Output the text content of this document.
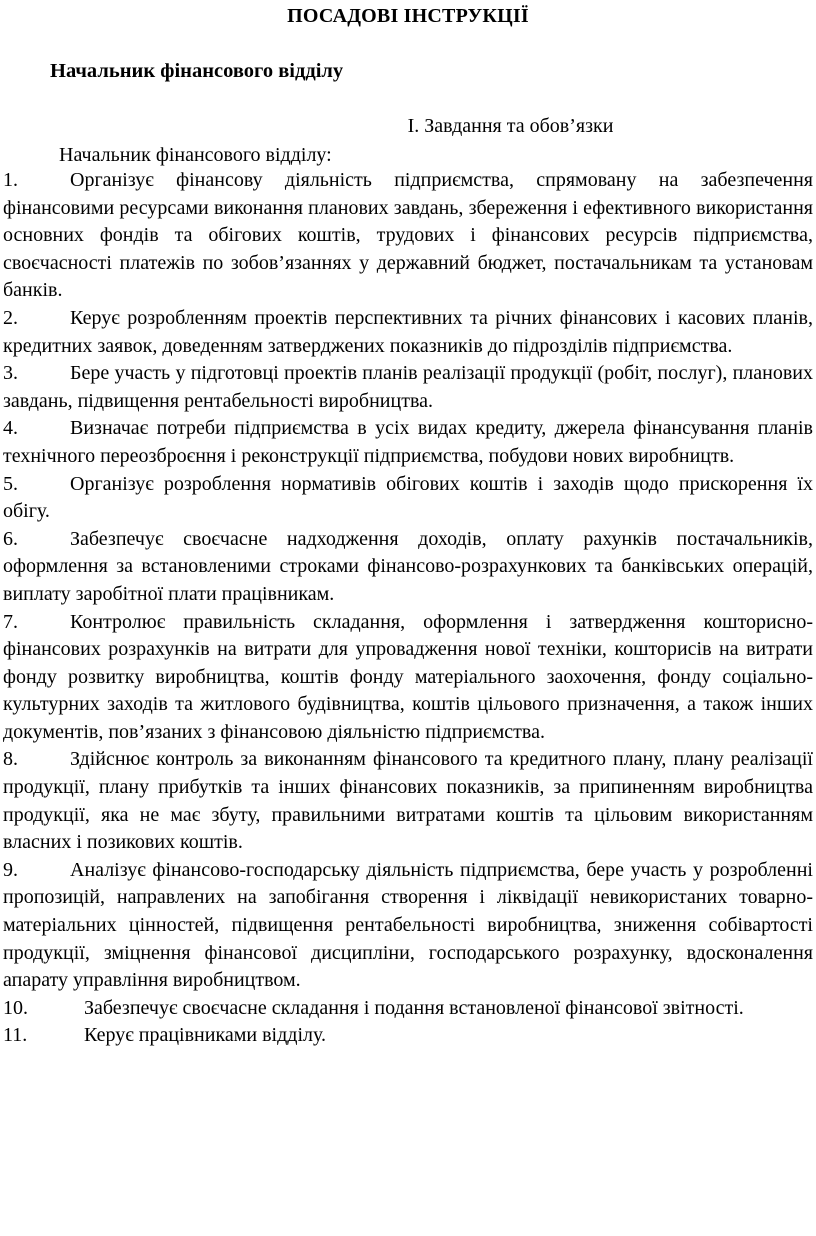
ПОСАДОВІ ІНСТРУКЦІЇ
Начальник фінансового відділу
І. Завдання та обов’язки
Начальник фінансового відділу:

1.	Організує фінансову діяльність підприємства, спрямовану на забезпечення фінансовими ресурсами виконання планових завдань, збереження і ефективного використання основних фондів та обігових коштів, трудових і фінансових ресурсів підприємства, своєчасності платежів по зобов’язаннях у державний бюджет, постачальникам та установам банків.

2.	Керує розробленням проектів перспективних та річних фінансових і касових планів, кредитних заявок, доведенням затверджених показників до підрозділів підприємства.

3.	Бере участь у підготовці проектів планів реалізації продукції (робіт, послуг), планових завдань, підвищення рентабельності виробництва.

4.	Визначає потреби підприємства в усіх видах кредиту, джерела фінансування планів технічного переозброєння і реконструкції підприємства, побудови нових виробництв.

5.	Організує розроблення нормативів обігових коштів і заходів щодо прискорення їх обігу.

6.	Забезпечує своєчасне надходження доходів, оплату рахунків постачальників, оформлення за встановленими строками фінансово-розрахункових та банківських операцій, виплату заробітної плати працівникам.

7.	Контролює правильність складання, оформлення і затвердження кошторисно-фінансових розрахунків на витрати для упровадження нової техніки, кошторисів на витрати фонду розвитку виробництва, коштів фонду матеріального заохочення, фонду соціально-культурних заходів та житлового будівництва, коштів цільового призначення, а також інших документів, пов’язаних з фінансовою діяльністю підприємства.

8.	Здійснює контроль за виконанням фінансового та кредитного плану, плану реалізації продукції, плану прибутків та інших фінансових показників, за припиненням виробництва продукції, яка не має збуту, правильними витратами коштів та цільовим використанням власних і позикових коштів.

9.	Аналізує фінансово-господарську діяльність підприємства, бере участь у розробленні пропозицій, направлених на запобігання створення і ліквідації невикористаних товарно-матеріальних цінностей, підвищення рентабельності виробництва, зниження собівартості продукції, зміцнення фінансової дисципліни, господарського розрахунку, вдосконалення апарату управління виробництвом.

10.	Забезпечує своєчасне складання і подання встановленої фінансової звітності.

11.	Керує працівниками відділу.
